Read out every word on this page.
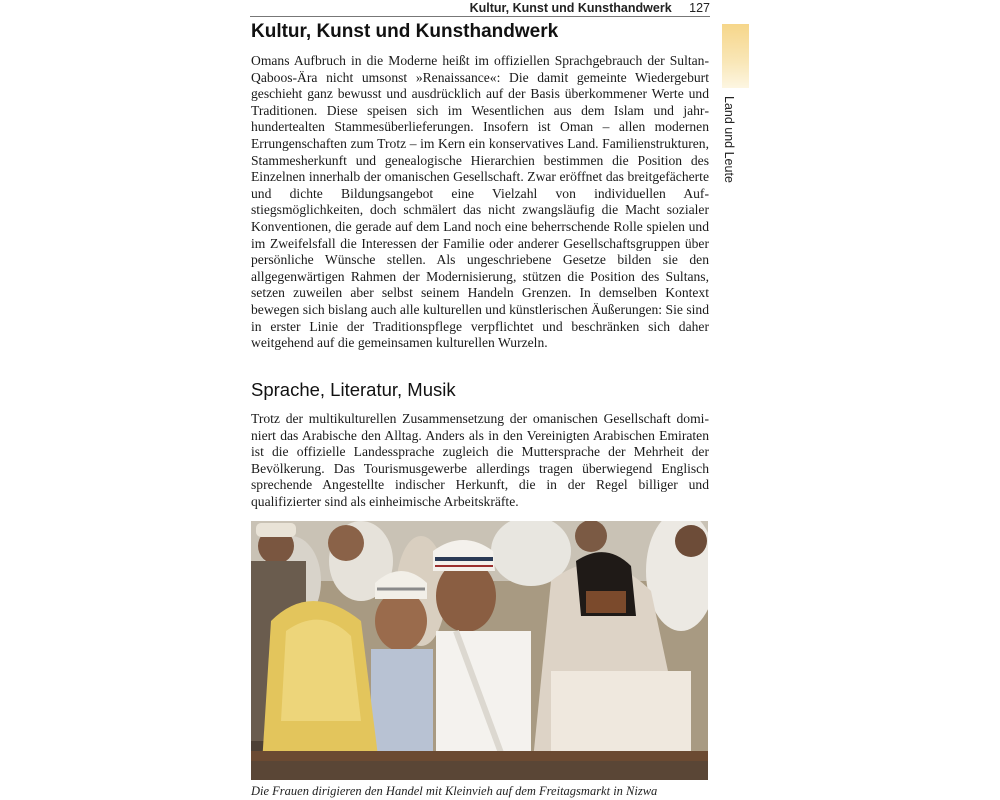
Kultur, Kunst und Kunsthandwerk 127
Land und Leute
Kultur, Kunst und Kunsthandwerk
Omans Aufbruch in die Moderne heißt im offiziellen Sprachgebrauch der Sultan-Qaboos-Ära nicht umsonst »Renaissance«: Die damit gemeinte Wiedergeburt geschieht ganz bewusst und ausdrücklich auf der Basis überkommener Werte und Traditionen. Diese speisen sich im Wesentlichen aus dem Islam und jahrhundertealten Stammesüberlieferungen. Insofern ist Oman – allen modernen Errungenschaften zum Trotz – im Kern ein konservatives Land. Familienstrukturen, Stammesherkunft und genealogische Hierarchien bestimmen die Position des Einzelnen innerhalb der omanischen Gesellschaft. Zwar eröffnet das breitgefächerte und dichte Bildungsangebot eine Vielzahl von individuellen Aufstiegsmöglichkeiten, doch schmälert das nicht zwangsläufig die Macht sozialer Konventionen, die gerade auf dem Land noch eine beherrschende Rolle spielen und im Zweifelsfall die Interessen der Familie oder anderer Gesellschaftsgruppen über persönliche Wünsche stellen. Als ungeschriebene Gesetze bilden sie den allgegenwärtigen Rahmen der Modernisierung, stützen die Position des Sultans, setzen zuweilen aber selbst seinem Handeln Grenzen. In demselben Kontext bewegen sich bislang auch alle kulturellen und künstlerischen Äußerungen: Sie sind in erster Linie der Traditionspflege verpflichtet und beschränken sich daher weitgehend auf die gemeinsamen kulturellen Wurzeln.
Sprache, Literatur, Musik
Trotz der multikulturellen Zusammensetzung der omanischen Gesellschaft dominiert das Arabische den Alltag. Anders als in den Vereinigten Arabischen Emiraten ist die offizielle Landessprache zugleich die Muttersprache der Mehrheit der Bevölkerung. Das Tourismusgewerbe allerdings tragen überwiegend Englisch sprechende Angestellte indischer Herkunft, die in der Regel billiger und qualifizierter sind als einheimische Arbeitskräfte.
Die Frauen dirigieren den Handel mit Kleinvieh auf dem Freitagsmarkt in Nizwa
